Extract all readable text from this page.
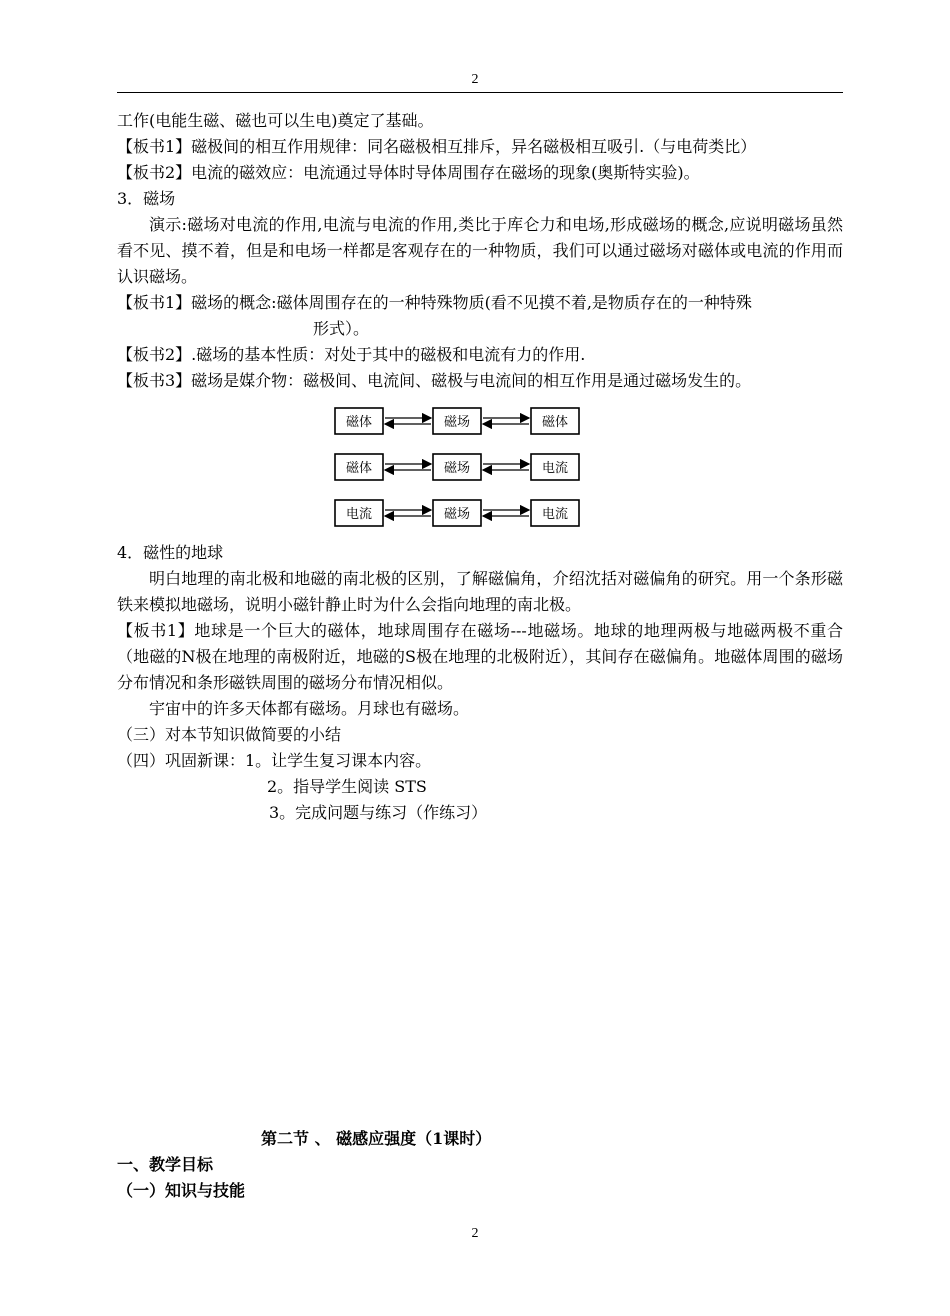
2

工作(电能生磁、磁也可以生电)奠定了基础。

【板书1】磁极间的相互作用规律：同名磁极相互排斥，异名磁极相互吸引.（与电荷类比）

【板书2】电流的磁效应：电流通过导体时导体周围存在磁场的现象(奥斯特实验)。

3．磁场

演示:磁场对电流的作用,电流与电流的作用,类比于库仑力和电场,形成磁场的概念,应说明磁场虽然看不见、摸不着，但是和电场一样都是客观存在的一种物质，我们可以通过磁场对磁体或电流的作用而认识磁场。

【板书1】磁场的概念:磁体周围存在的一种特殊物质(看不见摸不着,是物质存在的一种特殊

形式）。

【板书2】.磁场的基本性质：对处于其中的磁极和电流有力的作用.

【板书3】磁场是媒介物：磁极间、电流间、磁极与电流间的相互作用是通过磁场发生的。

磁体	磁场	磁体
磁体	磁场	电流
电流	磁场	电流

4．磁性的地球

明白地理的南北极和地磁的南北极的区别，了解磁偏角，介绍沈括对磁偏角的研究。用一个条形磁铁来模拟地磁场，说明小磁针静止时为什么会指向地理的南北极。

【板书1】地球是一个巨大的磁体，地球周围存在磁场---地磁场。地球的地理两极与地磁两极不重合（地磁的N极在地理的南极附近，地磁的S极在地理的北极附近），其间存在磁偏角。地磁体周围的磁场分布情况和条形磁铁周围的磁场分布情况相似。

宇宙中的许多天体都有磁场。月球也有磁场。

（三）对本节知识做简要的小结

（四）巩固新课：1。让学生复习课本内容。

2。指导学生阅读 STS

3。完成问题与练习（作练习）

第二节 、 磁感应强度（1课时）

一、教学目标

（一）知识与技能

2
